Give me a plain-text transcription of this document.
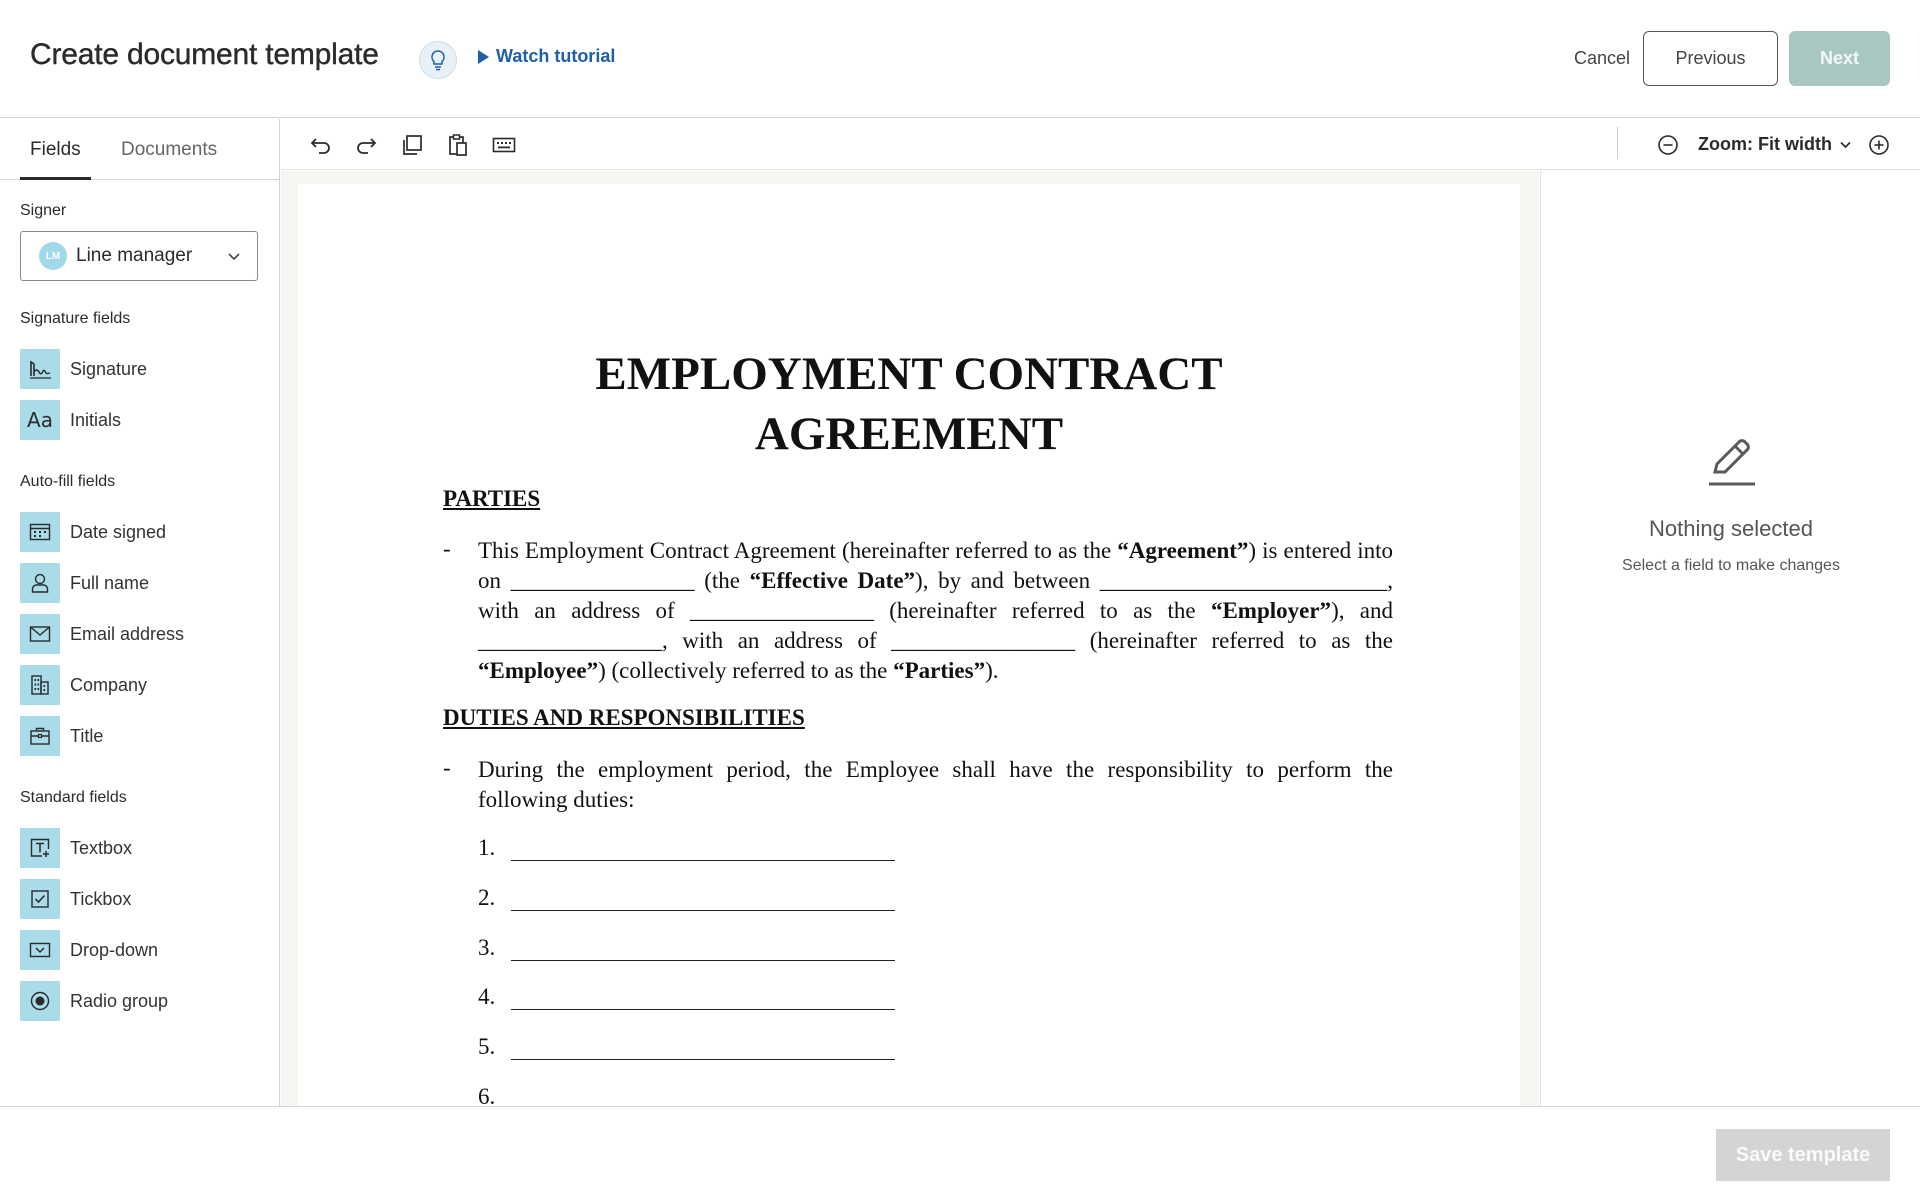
Create document template	Watch tutorial	Cancel	Previous	Next
Fields Documents
Signer
LM Line manager
Signature fields
Signature
Aa Initials
Auto-fill fields
Date signed
Full name
Email address
Company
Title
Standard fields
Textbox
Tickbox
Drop-down
Radio group
Zoom: Fit width
EMPLOYMENT CONTRACT
AGREEMENT
PARTIES
- This Employment Contract Agreement (hereinafter referred to as the “Agreement”) is entered into on ________________ (the “Effective Date”), by and between _________________________, with an address of ________________ (hereinafter referred to as the “Employer”), and ________________, with an address of ________________ (hereinafter referred to as the “Employee”) (collectively referred to as the “Parties”).
DUTIES AND RESPONSIBILITIES
- During the employment period, the Employee shall have the responsibility to perform the following duties:
1.
2.
3.
4.
5.
6.
Nothing selected
Select a field to make changes
Save template
